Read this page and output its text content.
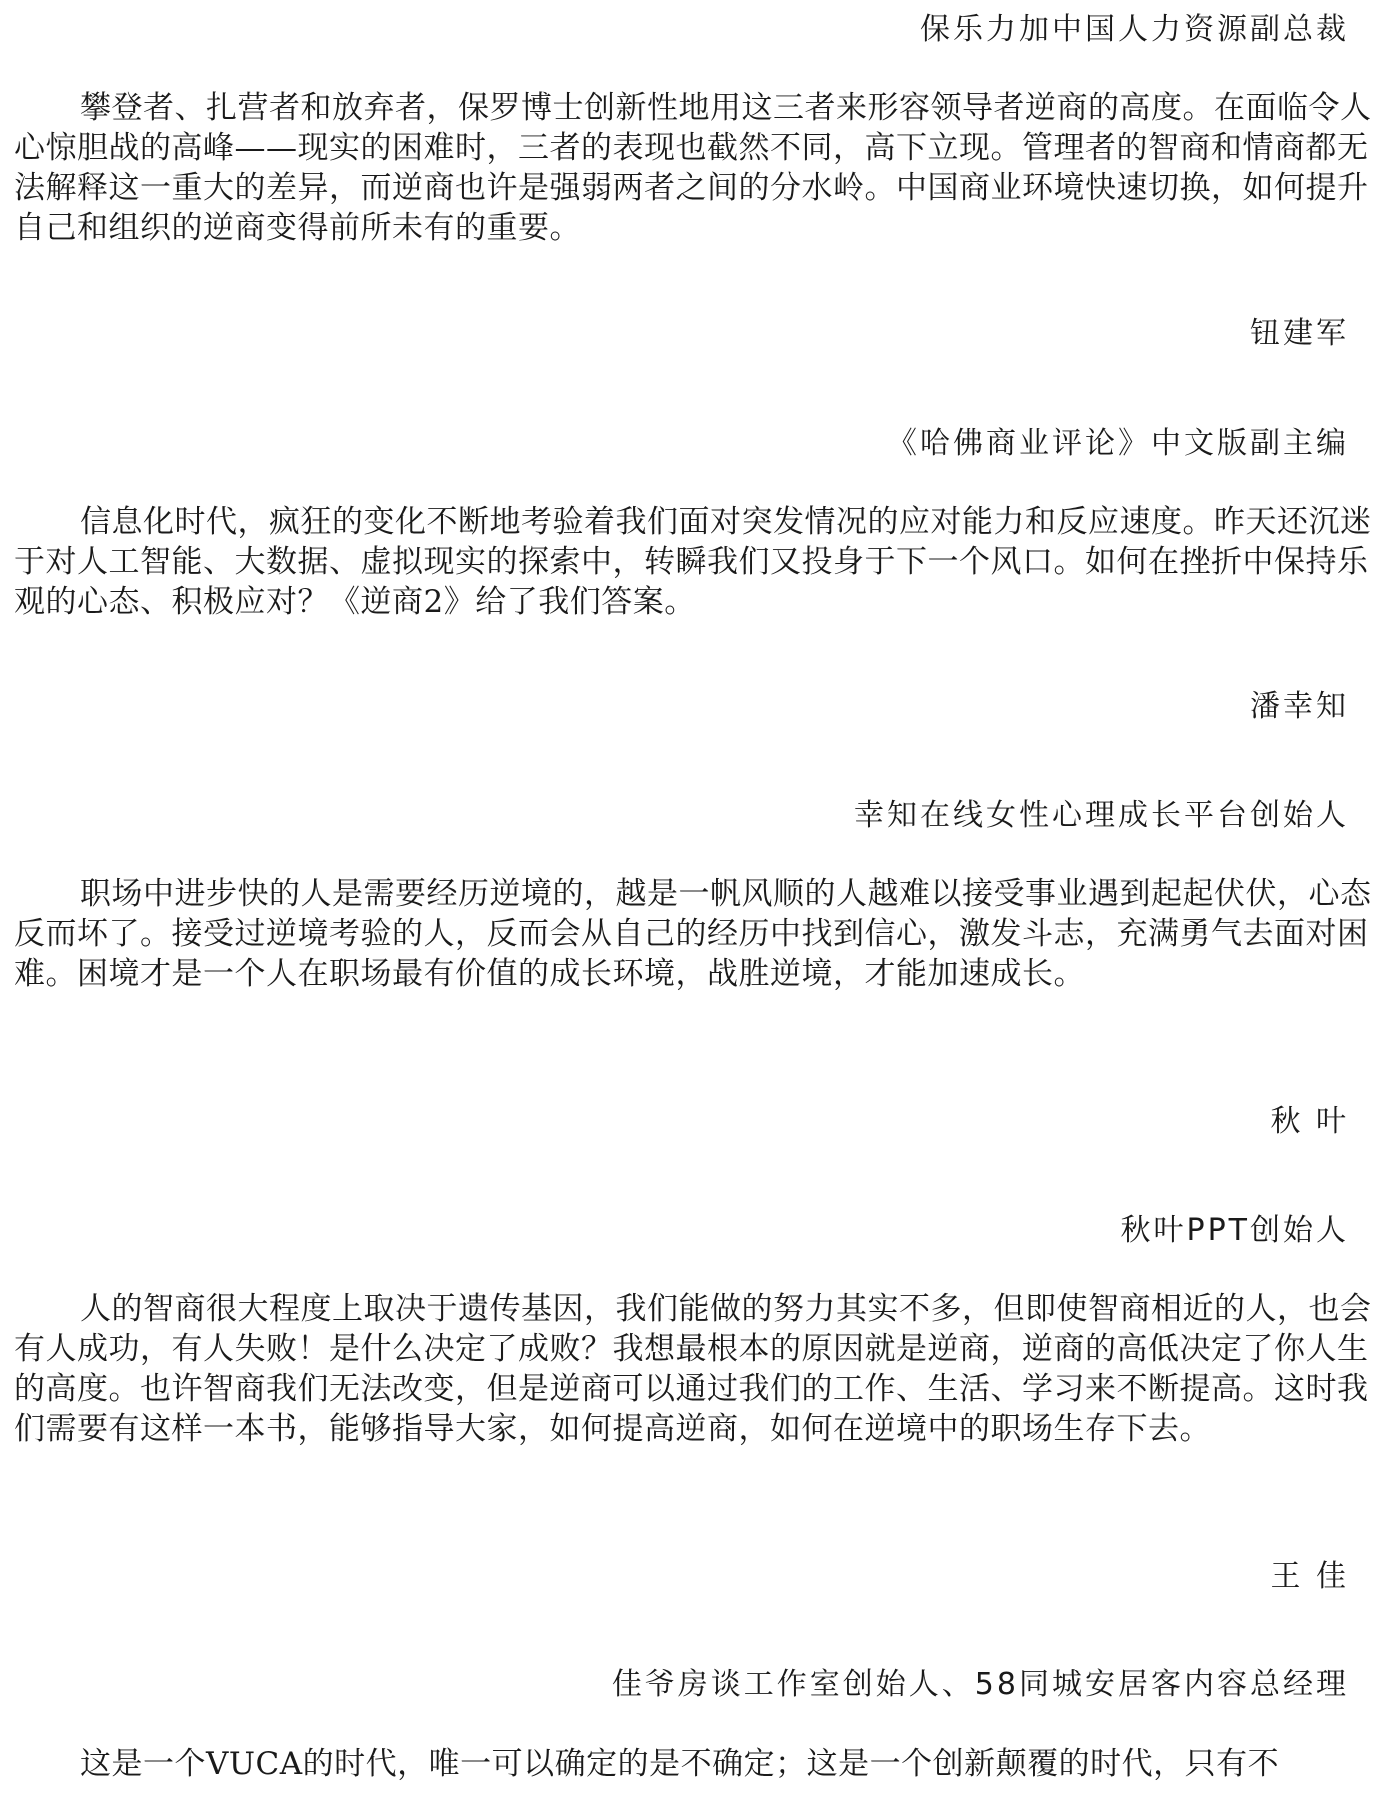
保乐力加中国人力资源副总裁

攀登者、扎营者和放弃者，保罗博士创新性地用这三者来形容领导者逆商的高度。在面临令人心惊胆战的高峰——现实的困难时，三者的表现也截然不同，高下立现。管理者的智商和情商都无法解释这一重大的差异，而逆商也许是强弱两者之间的分水岭。中国商业环境快速切换，如何提升自己和组织的逆商变得前所未有的重要。

钮建军
《哈佛商业评论》中文版副主编

信息化时代，疯狂的变化不断地考验着我们面对突发情况的应对能力和反应速度。昨天还沉迷于对人工智能、大数据、虚拟现实的探索中，转瞬我们又投身于下一个风口。如何在挫折中保持乐观的心态、积极应对？《逆商2》给了我们答案。

潘幸知
幸知在线女性心理成长平台创始人

职场中进步快的人是需要经历逆境的，越是一帆风顺的人越难以接受事业遇到起起伏伏，心态反而坏了。接受过逆境考验的人，反而会从自己的经历中找到信心，激发斗志，充满勇气去面对困难。困境才是一个人在职场最有价值的成长环境，战胜逆境，才能加速成长。

秋 叶
秋叶PPT创始人

人的智商很大程度上取决于遗传基因，我们能做的努力其实不多，但即使智商相近的人，也会有人成功，有人失败！是什么决定了成败？我想最根本的原因就是逆商，逆商的高低决定了你人生的高度。也许智商我们无法改变，但是逆商可以通过我们的工作、生活、学习来不断提高。这时我们需要有这样一本书，能够指导大家，如何提高逆商，如何在逆境中的职场生存下去。

王 佳
佳爷房谈工作室创始人、58同城安居客内容总经理

这是一个VUCA的时代，唯一可以确定的是不确定；这是一个创新颠覆的时代，只有不
